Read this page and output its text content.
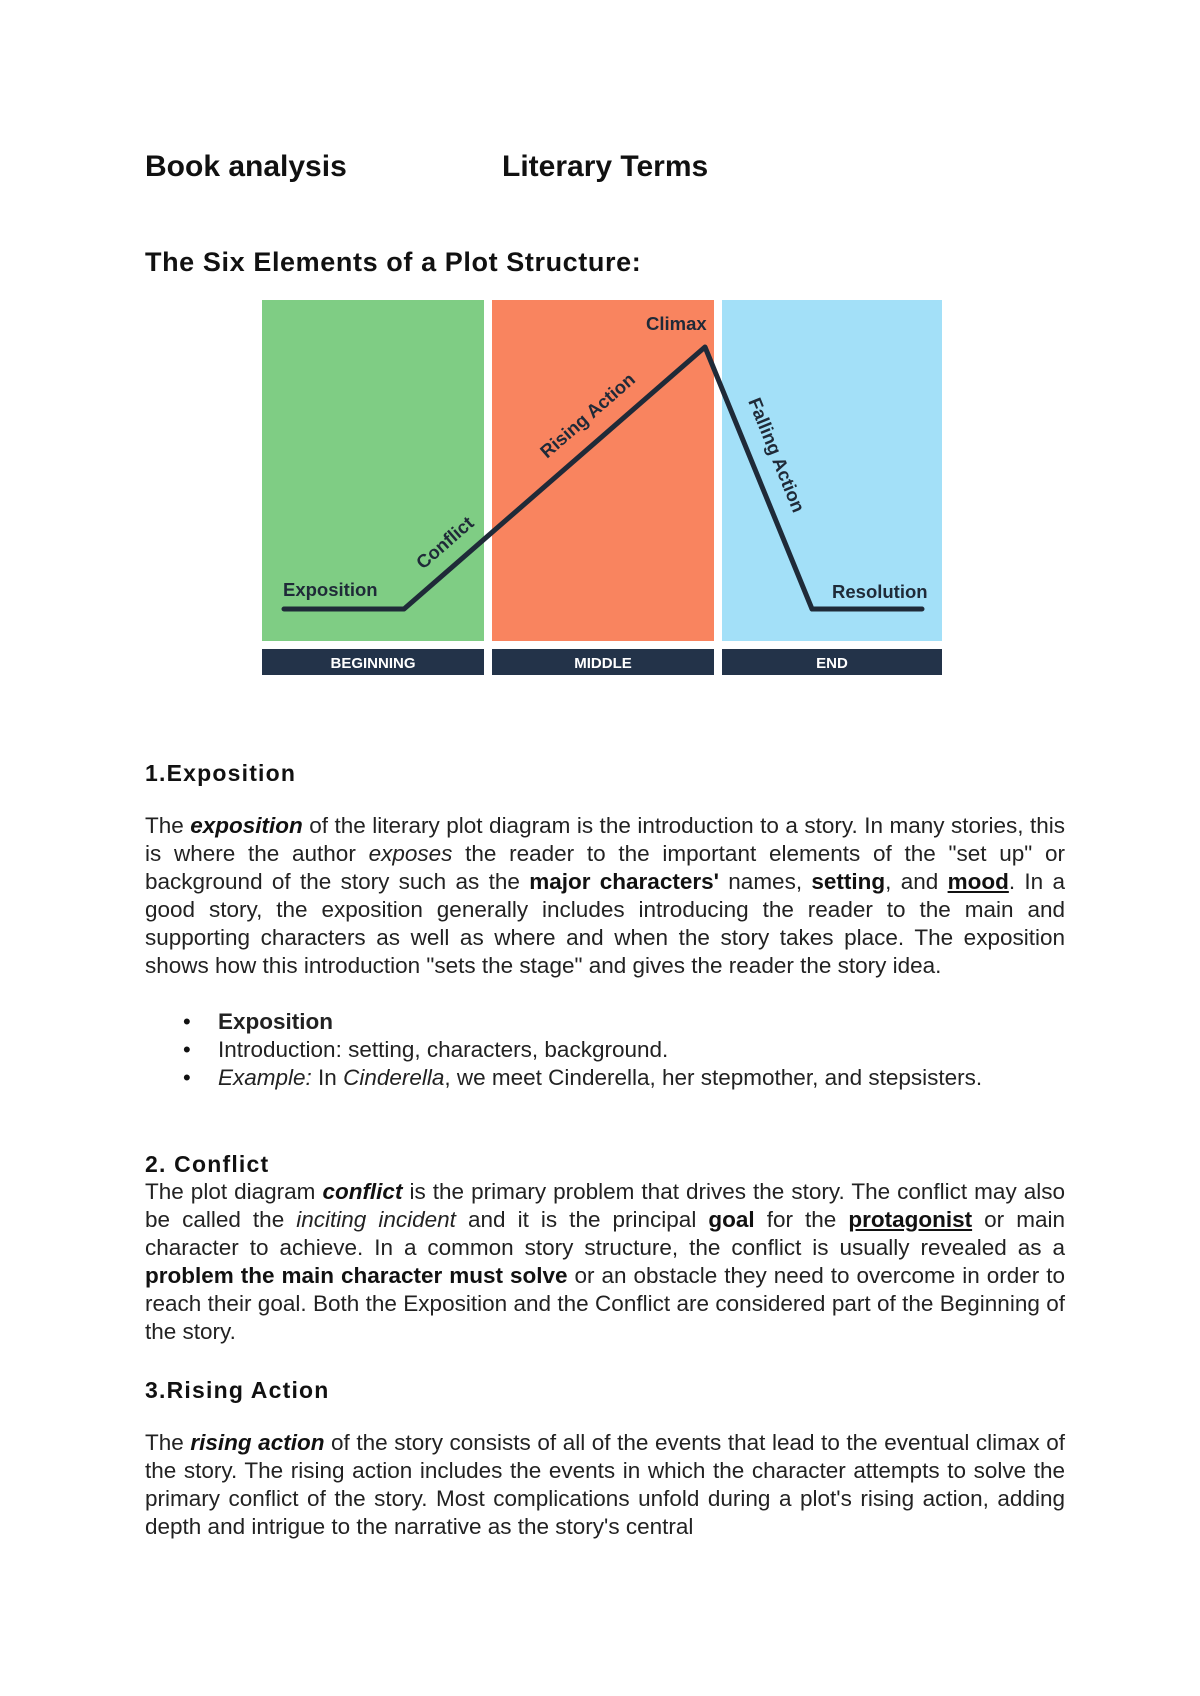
Book analysis	Literary Terms
The Six Elements of a Plot Structure:
Exposition
Conflict
Rising Action
Climax
Falling Action
Resolution
BEGINNING	MIDDLE	END
1.Exposition
The exposition of the literary plot diagram is the introduction to a story. In many stories, this is where the author exposes the reader to the important elements of the "set up" or background of the story such as the major characters' names, setting, and mood. In a good story, the exposition generally includes introducing the reader to the main and supporting characters as well as where and when the story takes place. The exposition shows how this introduction "sets the stage" and gives the reader the story idea.
• Exposition
• Introduction: setting, characters, background.
• Example: In Cinderella, we meet Cinderella, her stepmother, and stepsisters.
2. Conflict
The plot diagram conflict is the primary problem that drives the story. The conflict may also be called the inciting incident and it is the principal goal for the protagonist or main character to achieve. In a common story structure, the conflict is usually revealed as a problem the main character must solve or an obstacle they need to overcome in order to reach their goal. Both the Exposition and the Conflict are considered part of the Beginning of the story.
3.Rising Action
The rising action of the story consists of all of the events that lead to the eventual climax of the story. The rising action includes the events in which the character attempts to solve the primary conflict of the story. Most complications unfold during a plot's rising action, adding depth and intrigue to the narrative as the story's central
